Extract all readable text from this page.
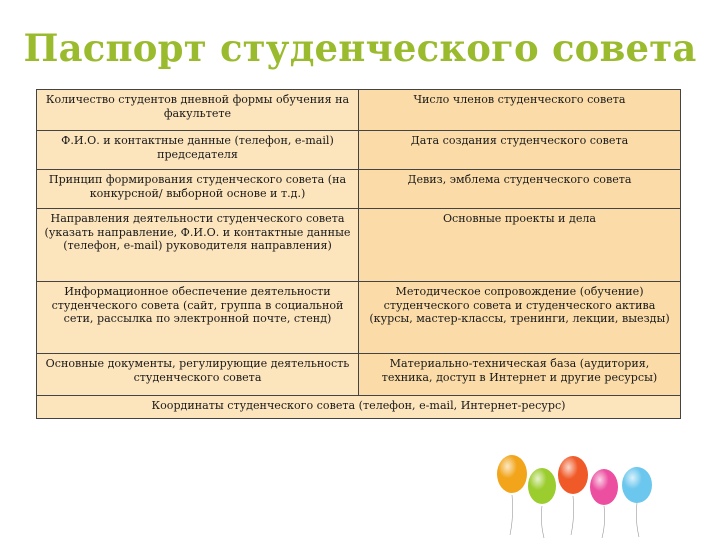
Паспорт студенческого совета
Количество студентов дневной формы обучения на факультете	Число членов студенческого совета
Ф.И.О. и контактные данные (телефон, e-mail) председателя	Дата создания студенческого совета
Принцип формирования студенческого совета (на конкурсной/ выборной основе и т.д.)	Девиз, эмблема студенческого совета
Направления деятельности студенческого совета (указать направление, Ф.И.О. и контактные данные (телефон, e-mail) руководителя направления)	Основные проекты и дела
Информационное обеспечение деятельности студенческого совета (сайт, группа в социальной сети, рассылка по электронной почте, стенд)	Методическое сопровождение (обучение) студенческого совета и студенческого актива (курсы, мастер-классы, тренинги, лекции, выезды)
Основные документы, регулирующие деятельность студенческого совета	Материально-техническая база (аудитория, техника, доступ в Интернет и другие ресурсы)
Координаты студенческого совета (телефон, e-mail, Интернет-ресурс)	
